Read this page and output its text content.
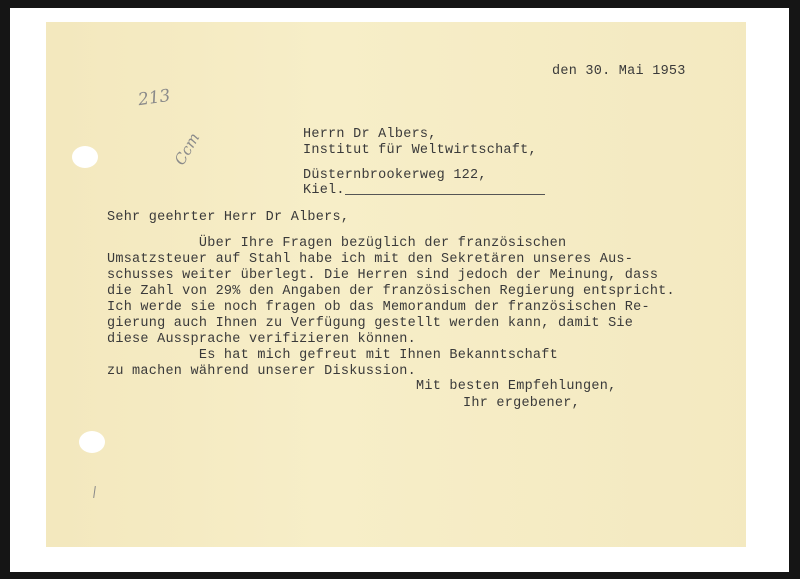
213
Ccm
den 30. Mai 1953
Herrn Dr Albers,
Institut für Weltwirtschaft,
Düsternbrookerweg 122,
Kiel.
Sehr geehrter Herr Dr Albers,
Über Ihre Fragen bezüglich der französischen
Umsatzsteuer auf Stahl habe ich mit den Sekretären unseres Aus-
schusses weiter überlegt. Die Herren sind jedoch der Meinung, dass
die Zahl von 29% den Angaben der französischen Regierung entspricht.
Ich werde sie noch fragen ob das Memorandum der französischen Re-
gierung auch Ihnen zu Verfügung gestellt werden kann, damit Sie
diese Aussprache verifizieren können.
Es hat mich gefreut mit Ihnen Bekanntschaft
zu machen während unserer Diskussion.
Mit besten Empfehlungen,
Ihr ergebener,
